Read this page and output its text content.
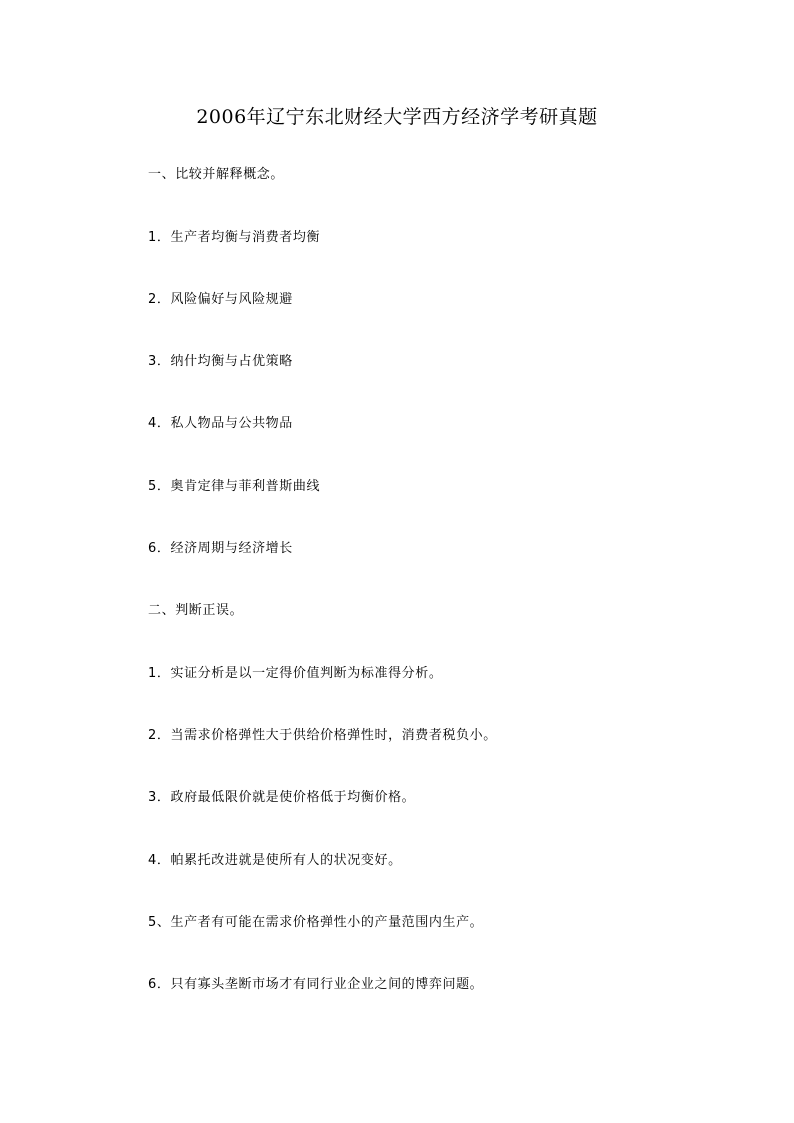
2006年辽宁东北财经大学西方经济学考研真题
一、比较并解释概念。
1．生产者均衡与消费者均衡
2．风险偏好与风险规避
3．纳什均衡与占优策略
4．私人物品与公共物品
5．奥肯定律与菲利普斯曲线
6．经济周期与经济增长
二、判断正误。
1．实证分析是以一定得价值判断为标准得分析。
2．当需求价格弹性大于供给价格弹性时，消费者税负小。
3．政府最低限价就是使价格低于均衡价格。
4．帕累托改进就是使所有人的状况变好。
5、生产者有可能在需求价格弹性小的产量范围内生产。
6．只有寡头垄断市场才有同行业企业之间的博弈问题。
